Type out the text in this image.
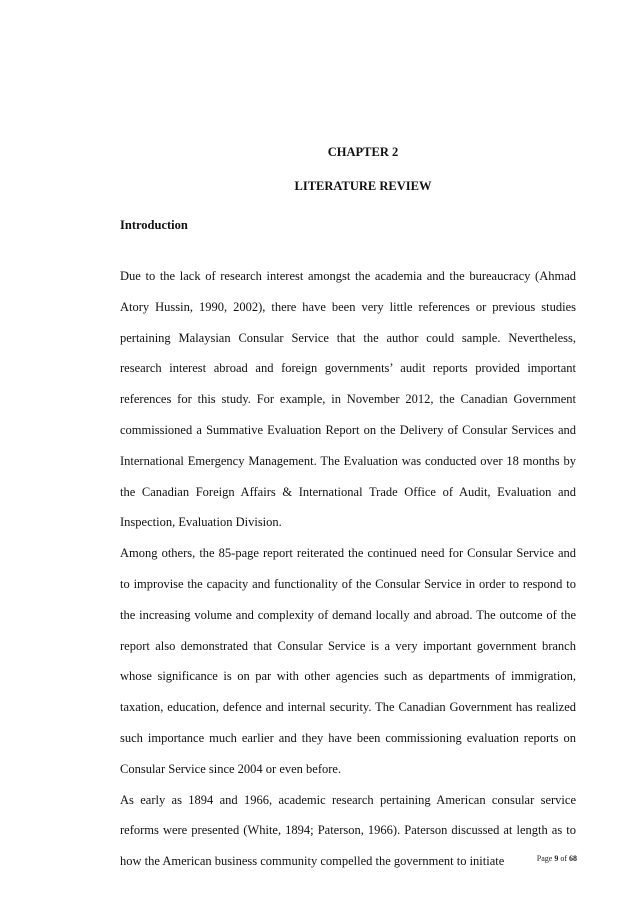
CHAPTER 2
LITERATURE REVIEW
Introduction

Due to the lack of research interest amongst the academia and the bureaucracy (Ahmad Atory Hussin, 1990, 2002), there have been very little references or previous studies pertaining Malaysian Consular Service that the author could sample. Nevertheless, research interest abroad and foreign governments’ audit reports provided important references for this study. For example, in November 2012, the Canadian Government commissioned a Summative Evaluation Report on the Delivery of Consular Services and International Emergency Management. The Evaluation was conducted over 18 months by the Canadian Foreign Affairs & International Trade Office of Audit, Evaluation and Inspection, Evaluation Division.

Among others, the 85-page report reiterated the continued need for Consular Service and to improvise the capacity and functionality of the Consular Service in order to respond to the increasing volume and complexity of demand locally and abroad. The outcome of the report also demonstrated that Consular Service is a very important government branch whose significance is on par with other agencies such as departments of immigration, taxation, education, defence and internal security. The Canadian Government has realized such importance much earlier and they have been commissioning evaluation reports on Consular Service since 2004 or even before.

As early as 1894 and 1966, academic research pertaining American consular service reforms were presented (White, 1894; Paterson, 1966). Paterson discussed at length as to how the American business community compelled the government to initiate	Page 9 of 68
